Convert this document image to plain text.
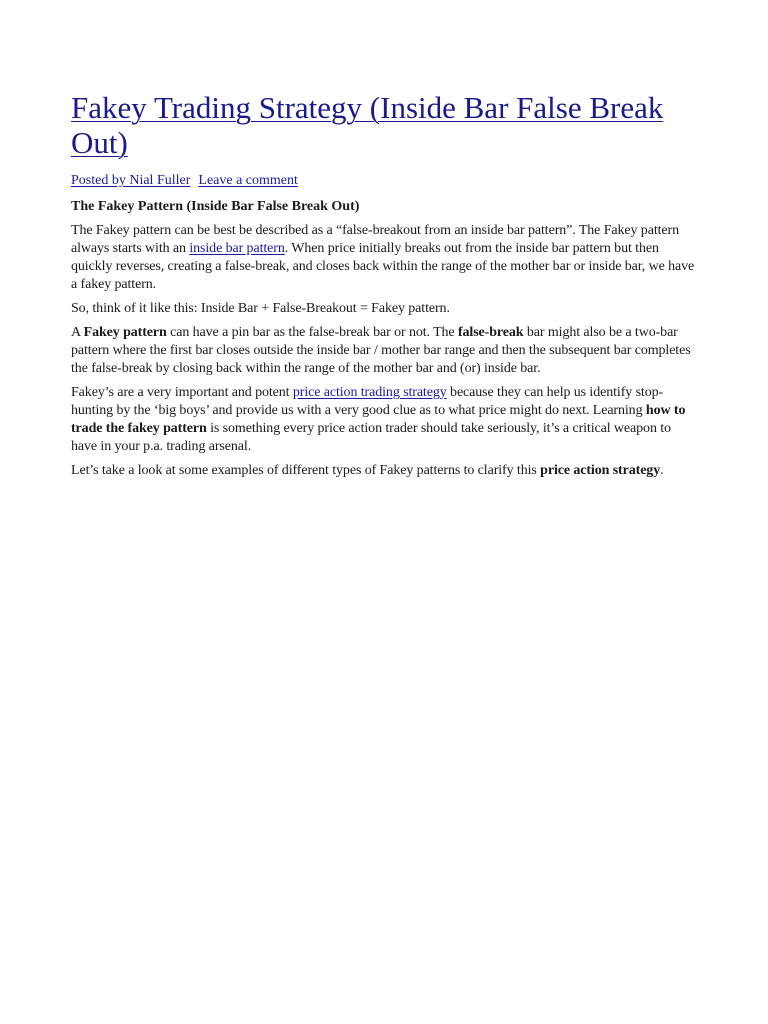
Fakey Trading Strategy (Inside Bar False Break Out)
Posted by Nial Fuller Leave a comment
The Fakey Pattern (Inside Bar False Break Out)

The Fakey pattern can be best be described as a “false-breakout from an inside bar pattern”. The Fakey pattern always starts with an inside bar pattern. When price initially breaks out from the inside bar pattern but then quickly reverses, creating a false-break, and closes back within the range of the mother bar or inside bar, we have a fakey pattern.

So, think of it like this: Inside Bar + False-Breakout = Fakey pattern.

A Fakey pattern can have a pin bar as the false-break bar or not. The false-break bar might also be a two-bar pattern where the first bar closes outside the inside bar / mother bar range and then the subsequent bar completes the false-break by closing back within the range of the mother bar and (or) inside bar.

Fakey’s are a very important and potent price action trading strategy because they can help us identify stop-hunting by the ‘big boys’ and provide us with a very good clue as to what price might do next. Learning how to trade the fakey pattern is something every price action trader should take seriously, it’s a critical weapon to have in your p.a. trading arsenal.

Let’s take a look at some examples of different types of Fakey patterns to clarify this price action strategy.
